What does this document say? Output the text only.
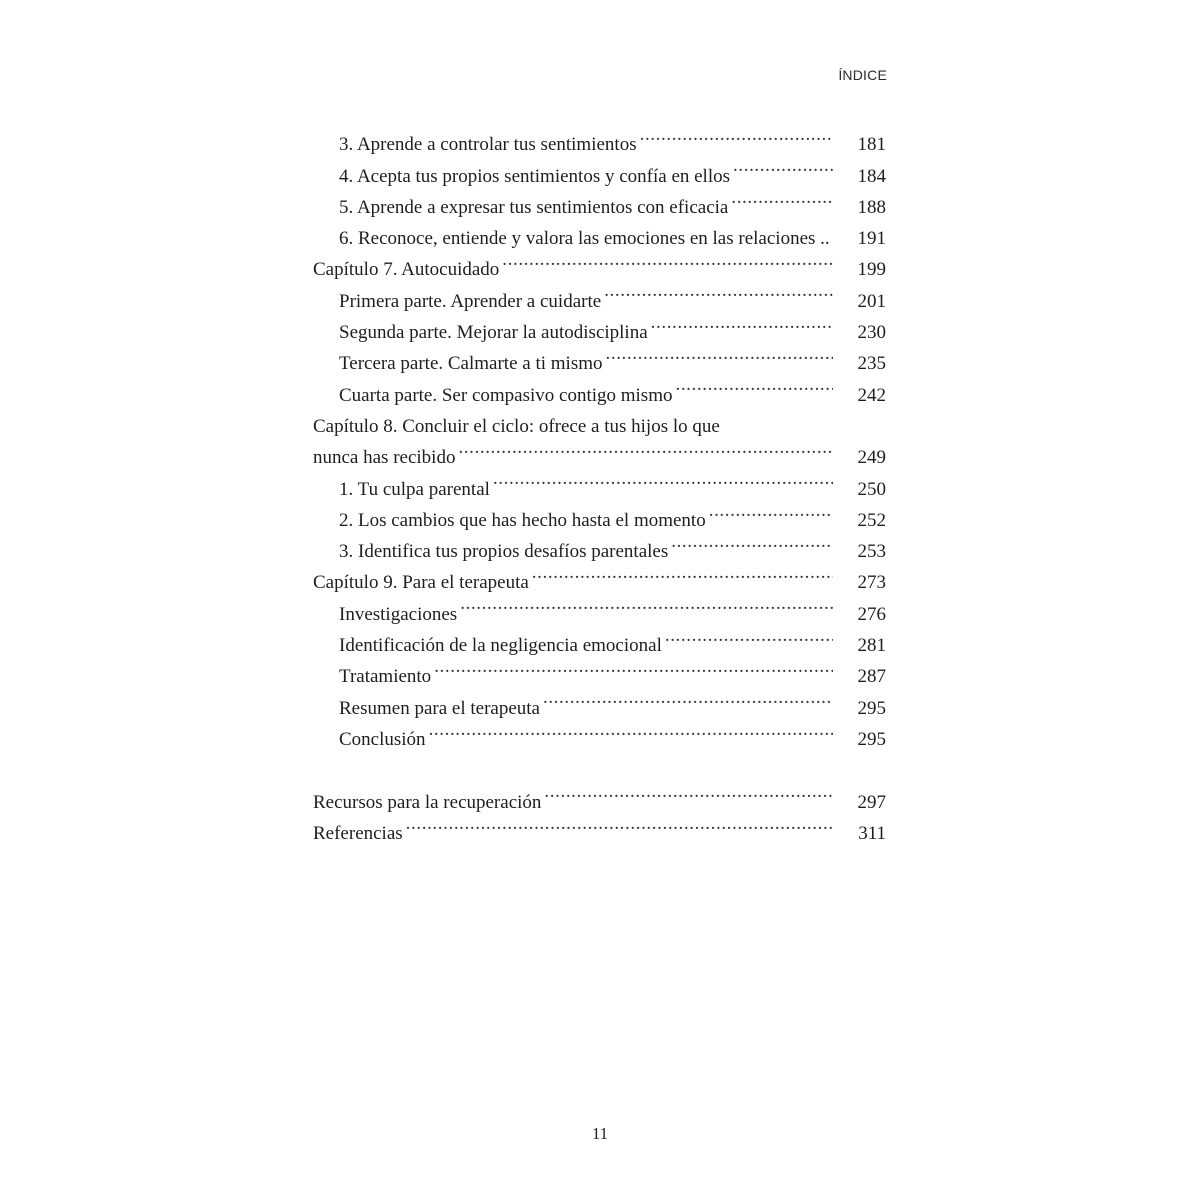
ÍNDICE
3. Aprende a controlar tus sentimientos .....	181
4. Acepta tus propios sentimientos y confía en ellos .....	184
5. Aprende a expresar tus sentimientos con eficacia .....	188
6. Reconoce, entiende y valora las emociones en las relaciones ..	191
Capítulo 7. Autocuidado .....	199
Primera parte. Aprender a cuidarte .....	201
Segunda parte. Mejorar la autodisciplina .....	230
Tercera parte. Calmarte a ti mismo .....	235
Cuarta parte. Ser compasivo contigo mismo .....	242
Capítulo 8. Concluir el ciclo: ofrece a tus hijos lo que
nunca has recibido .....	249
1. Tu culpa parental .....	250
2. Los cambios que has hecho hasta el momento .....	252
3. Identifica tus propios desafíos parentales .....	253
Capítulo 9. Para el terapeuta .....	273
Investigaciones .....	276
Identificación de la negligencia emocional .....	281
Tratamiento .....	287
Resumen para el terapeuta .....	295
Conclusión .....	295
Recursos para la recuperación .....	297
Referencias .....	311
11
